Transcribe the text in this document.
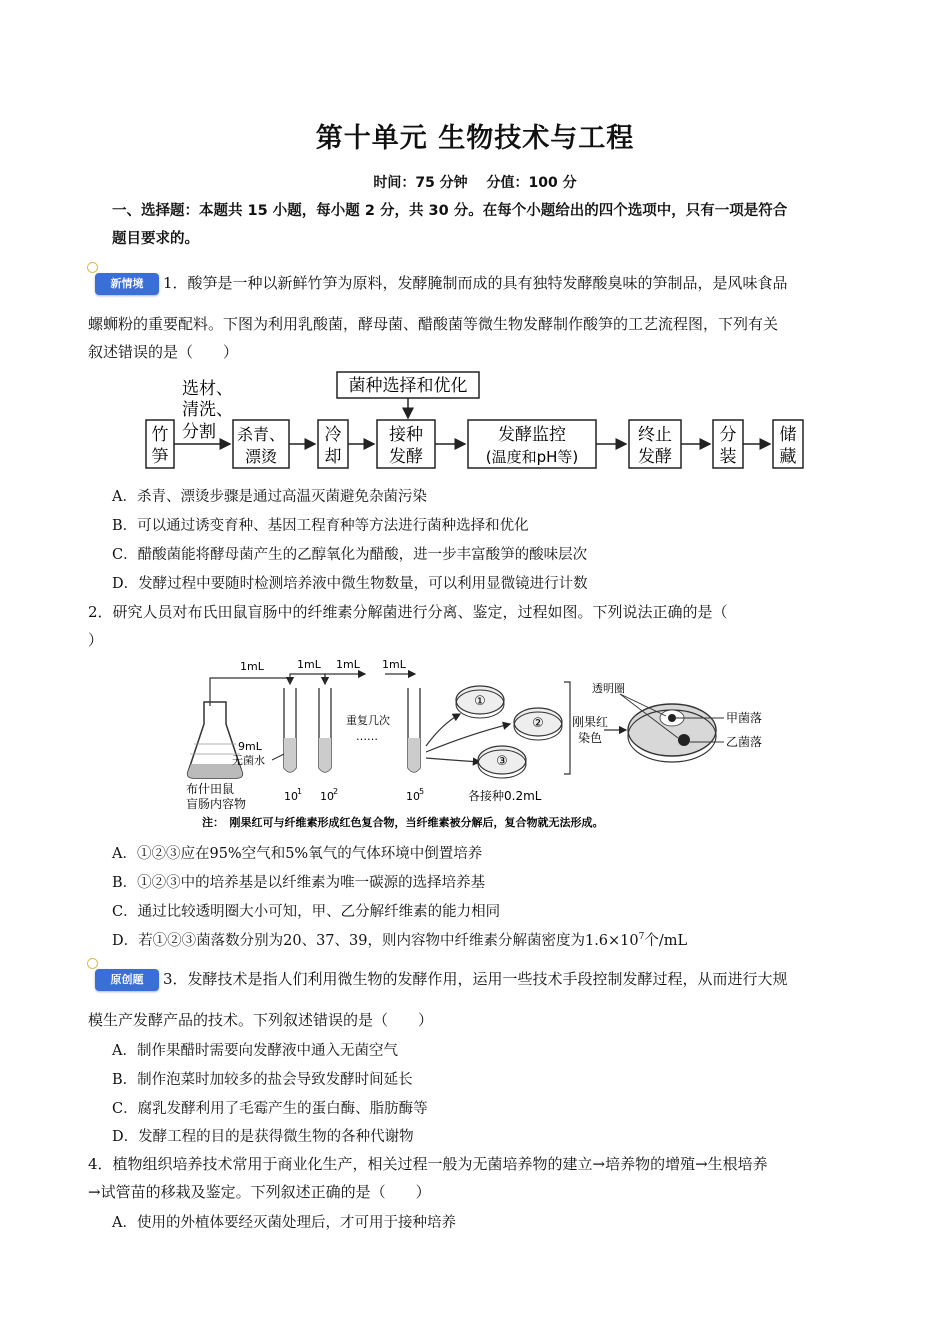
第十单元 生物技术与工程
时间：75 分钟　 分值：100 分
一、选择题：本题共 15 小题，每小题 2 分，共 30 分。在每个小题给出的四个选项中，只有一项是符合
题目要求的。
新情境	1．酸笋是一种以新鲜竹笋为原料，发酵腌制而成的具有独特发酵酸臭味的笋制品，是风味食品
螺蛳粉的重要配料。下图为利用乳酸菌，酵母菌、醋酸菌等微生物发酵制作酸笋的工艺流程图，下列有关
叙述错误的是（　　）
菌种选择和优化
选材、
清洗、
分割
竹
笋
杀青、
漂烫
冷
却
接种
发酵
发酵监控
(温度和pH等)
终止
发酵
分
装
储
藏
A．杀青、漂烫步骤是通过高温灭菌避免杂菌污染
B．可以通过诱变育种、基因工程育种等方法进行菌种选择和优化
C．醋酸菌能将酵母菌产生的乙醇氧化为醋酸，进一步丰富酸笋的酸味层次
D．发酵过程中要随时检测培养液中微生物数量，可以利用显微镜进行计数
2．研究人员对布氏田鼠盲肠中的纤维素分解菌进行分离、鉴定，过程如图。下列说法正确的是（
）
布什田鼠
盲肠内容物
1mL
9mL
无菌水
10 1
1mL
10 2
1mL
重复几次
……
1mL
10 5
①
②
③
各接种0.2mL
刚果红
染色
透明圈
甲菌落
乙菌落
注：　刚果红可与纤维素形成红色复合物，当纤维素被分解后，复合物就无法形成。
A．①②③应在95%空气和5%氧气的气体环境中倒置培养
B．①②③中的培养基是以纤维素为唯一碳源的选择培养基
C．通过比较透明圈大小可知，甲、乙分解纤维素的能力相同
D．若①②③菌落数分别为20、37、39，则内容物中纤维素分解菌密度为$1.6\times 10^7$个/mL
原创题	3．发酵技术是指人们利用微生物的发酵作用，运用一些技术手段控制发酵过程，从而进行大规
模生产发酵产品的技术。下列叙述错误的是（　　）
A．制作果醋时需要向发酵液中通入无菌空气
B．制作泡菜时加较多的盐会导致发酵时间延长
C．腐乳发酵利用了毛霉产生的蛋白酶、脂肪酶等
D．发酵工程的目的是获得微生物的各种代谢物
4．植物组织培养技术常用于商业化生产，相关过程一般为无菌培养物的建立→培养物的增殖→生根培养
→试管苗的移栽及鉴定。下列叙述正确的是（　　）
A．使用的外植体要经灭菌处理后，才可用于接种培养
